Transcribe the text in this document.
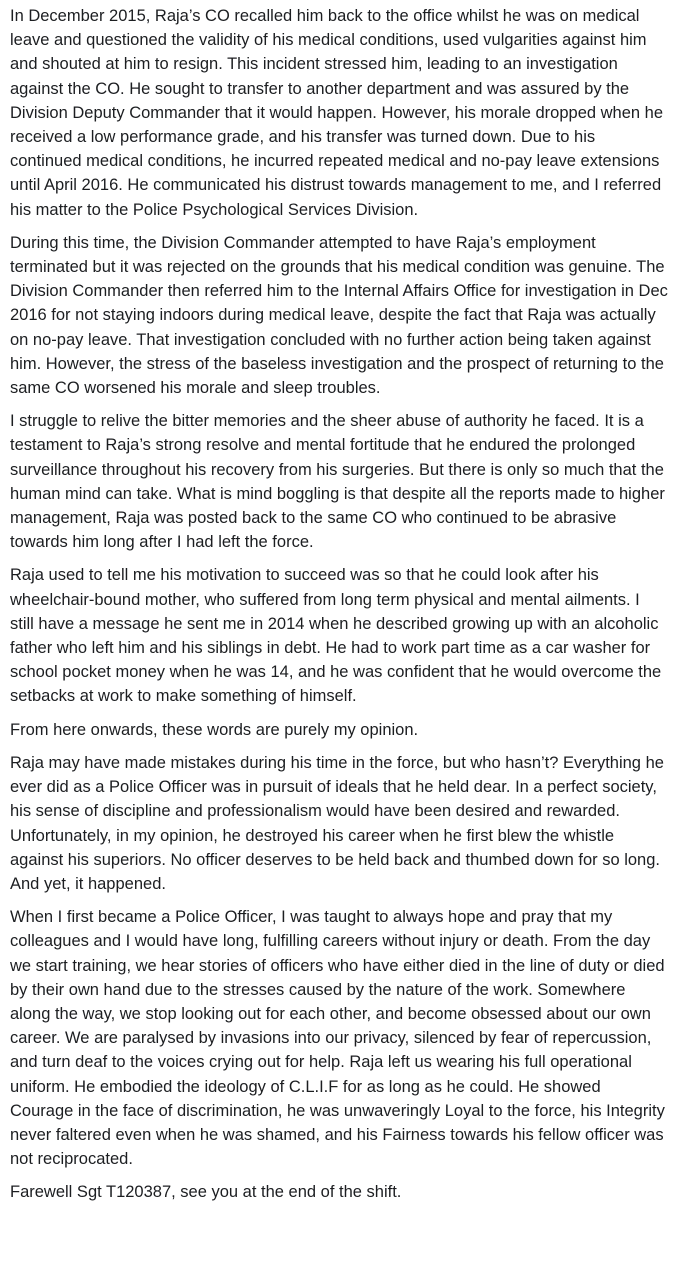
In December 2015, Raja’s CO recalled him back to the office whilst he was on medical leave and questioned the validity of his medical conditions, used vulgarities against him and shouted at him to resign. This incident stressed him, leading to an investigation against the CO. He sought to transfer to another department and was assured by the Division Deputy Commander that it would happen. However, his morale dropped when he received a low performance grade, and his transfer was turned down. Due to his continued medical conditions, he incurred repeated medical and no-pay leave extensions until April 2016. He communicated his distrust towards management to me, and I referred his matter to the Police Psychological Services Division.

During this time, the Division Commander attempted to have Raja’s employment terminated but it was rejected on the grounds that his medical condition was genuine. The Division Commander then referred him to the Internal Affairs Office for investigation in Dec 2016 for not staying indoors during medical leave, despite the fact that Raja was actually on no-pay leave. That investigation concluded with no further action being taken against him. However, the stress of the baseless investigation and the prospect of returning to the same CO worsened his morale and sleep troubles.

I struggle to relive the bitter memories and the sheer abuse of authority he faced. It is a testament to Raja’s strong resolve and mental fortitude that he endured the prolonged surveillance throughout his recovery from his surgeries. But there is only so much that the human mind can take. What is mind boggling is that despite all the reports made to higher management, Raja was posted back to the same CO who continued to be abrasive towards him long after I had left the force.

Raja used to tell me his motivation to succeed was so that he could look after his wheelchair-bound mother, who suffered from long term physical and mental ailments. I still have a message he sent me in 2014 when he described growing up with an alcoholic father who left him and his siblings in debt. He had to work part time as a car washer for school pocket money when he was 14, and he was confident that he would overcome the setbacks at work to make something of himself.

From here onwards, these words are purely my opinion.

Raja may have made mistakes during his time in the force, but who hasn’t? Everything he ever did as a Police Officer was in pursuit of ideals that he held dear. In a perfect society, his sense of discipline and professionalism would have been desired and rewarded. Unfortunately, in my opinion, he destroyed his career when he first blew the whistle against his superiors. No officer deserves to be held back and thumbed down for so long. And yet, it happened.

When I first became a Police Officer, I was taught to always hope and pray that my colleagues and I would have long, fulfilling careers without injury or death. From the day we start training, we hear stories of officers who have either died in the line of duty or died by their own hand due to the stresses caused by the nature of the work. Somewhere along the way, we stop looking out for each other, and become obsessed about our own career. We are paralysed by invasions into our privacy, silenced by fear of repercussion, and turn deaf to the voices crying out for help. Raja left us wearing his full operational uniform. He embodied the ideology of C.L.I.F for as long as he could. He showed Courage in the face of discrimination, he was unwaveringly Loyal to the force, his Integrity never faltered even when he was shamed, and his Fairness towards his fellow officer was not reciprocated.

Farewell Sgt T120387, see you at the end of the shift.
